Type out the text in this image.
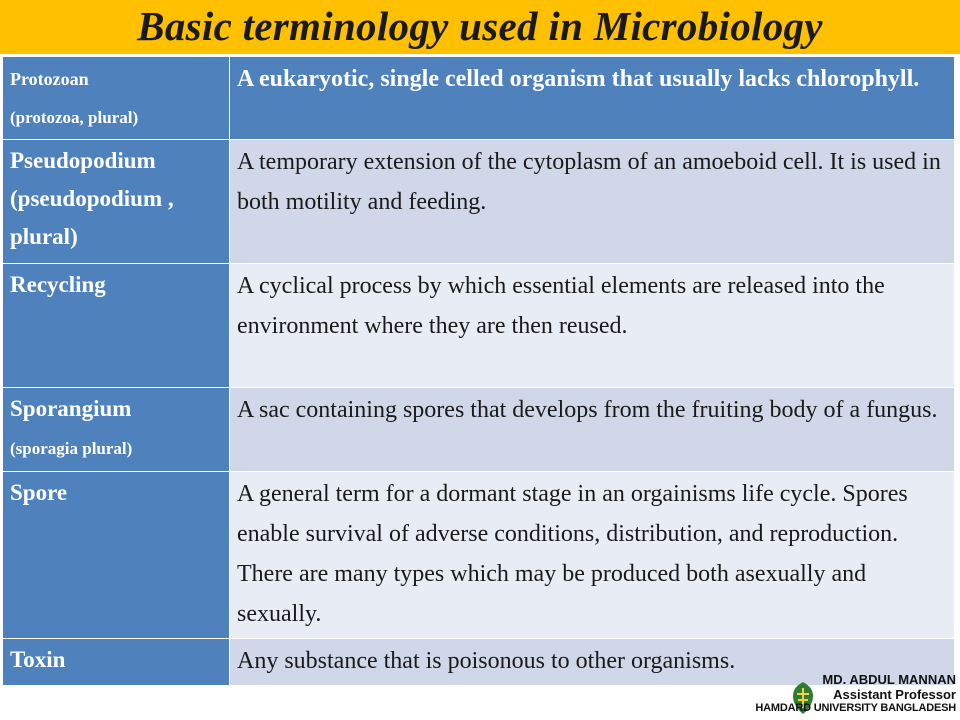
Basic terminology used in Microbiology
Protozoan
(protozoa, plural)	A eukaryotic, single celled organism that usually lacks chlorophyll.
Pseudopodium (pseudopodium , plural)	A temporary extension of the cytoplasm of an amoeboid cell. It is used in both motility and feeding.
Recycling	A cyclical process by which essential elements are released into the environment where they are then reused.
Sporangium
(sporagia plural)	A sac containing spores that develops from the fruiting body of a fungus.
Spore	A general term for a dormant stage in an orgainisms life cycle. Spores enable survival of adverse conditions, distribution, and reproduction. There are many types which may be produced both asexually and sexually.
Toxin	Any substance that is poisonous to other organisms.
MD. ABDUL MANNAN
Assistant Professor
HAMDARD UNIVERSITY BANGLADESH
